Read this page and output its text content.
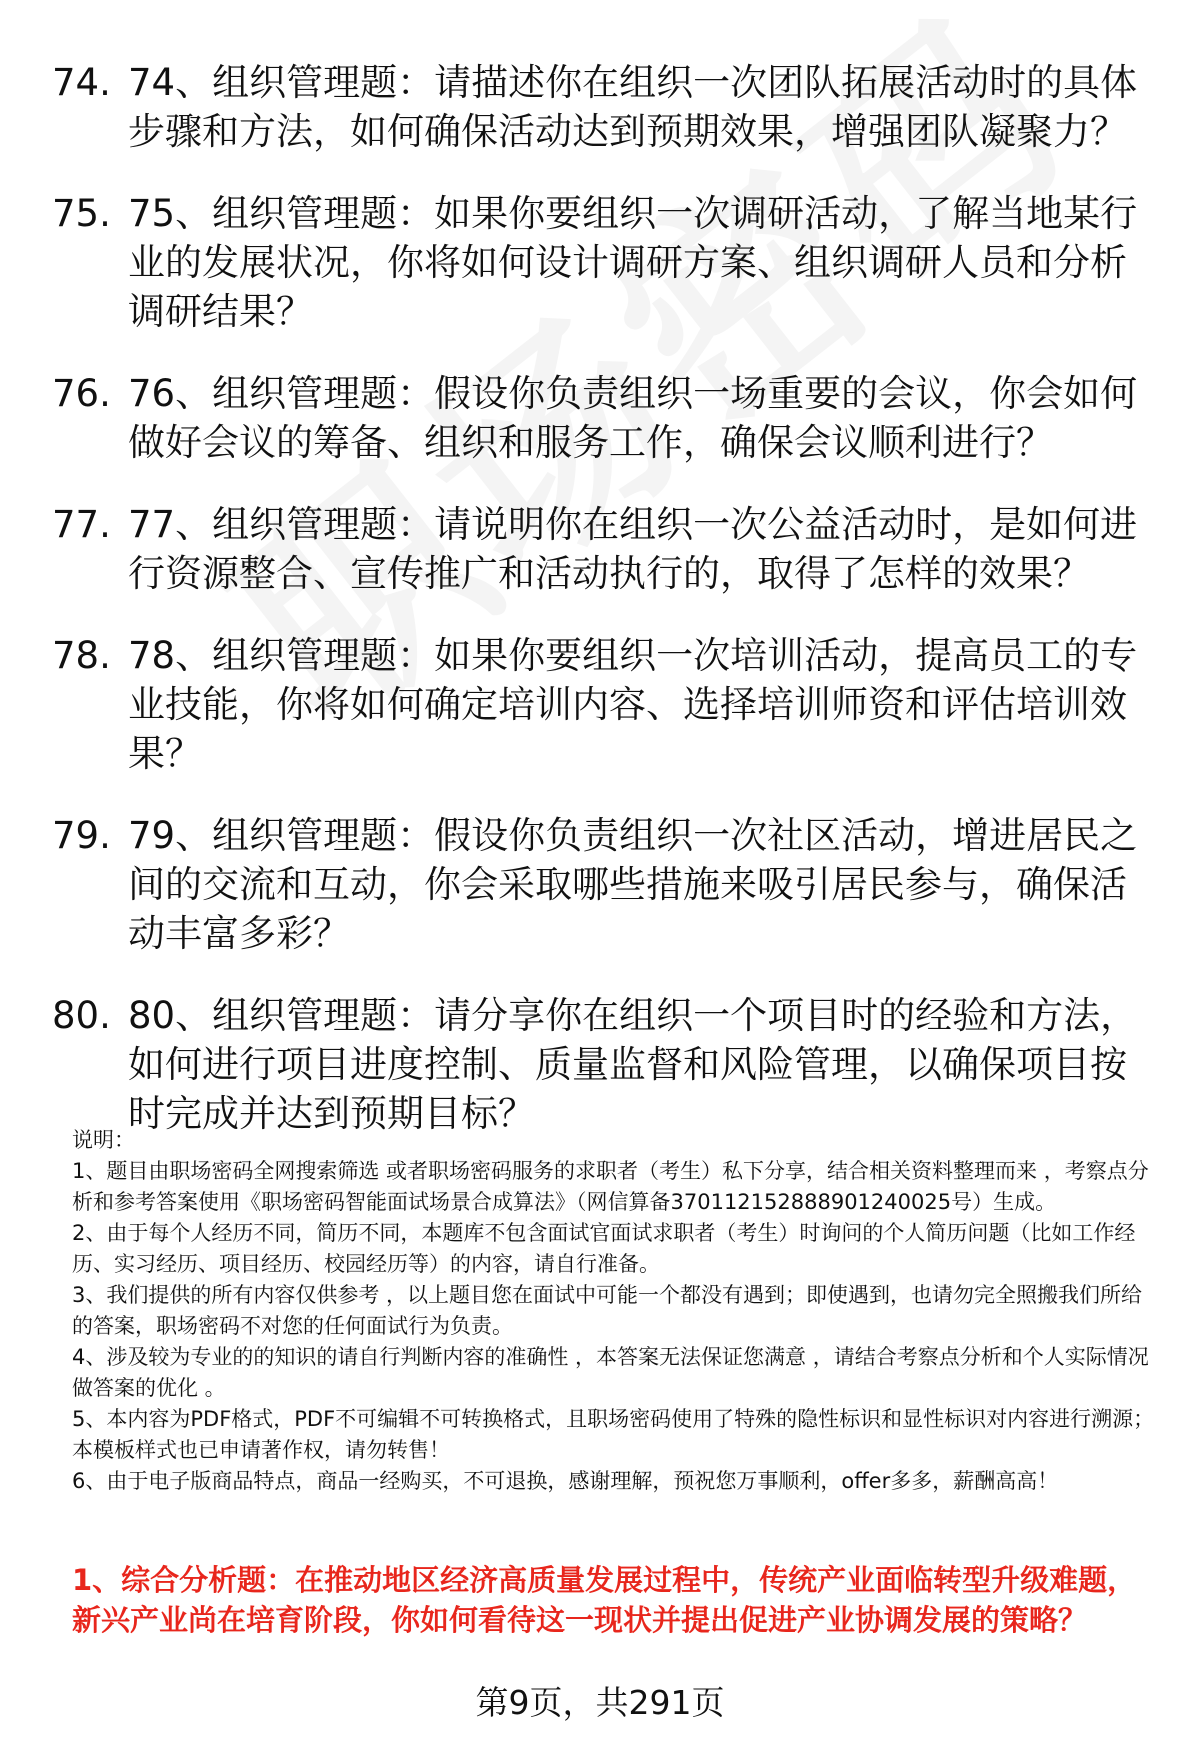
74. 74、组织管理题：请描述你在组织一次团队拓展活动时的具体步骤和方法，如何确保活动达到预期效果，增强团队凝聚力？
75. 75、组织管理题：如果你要组织一次调研活动，了解当地某行业的发展状况，你将如何设计调研方案、组织调研人员和分析调研结果？
76. 76、组织管理题：假设你负责组织一场重要的会议，你会如何做好会议的筹备、组织和服务工作，确保会议顺利进行？
77. 77、组织管理题：请说明你在组织一次公益活动时，是如何进行资源整合、宣传推广和活动执行的，取得了怎样的效果？
78. 78、组织管理题：如果你要组织一次培训活动，提高员工的专业技能，你将如何确定培训内容、选择培训师资和评估培训效果？
79. 79、组织管理题：假设你负责组织一次社区活动，增进居民之间的交流和互动，你会采取哪些措施来吸引居民参与，确保活动丰富多彩？
80. 80、组织管理题：请分享你在组织一个项目时的经验和方法，如何进行项目进度控制、质量监督和风险管理，以确保项目按时完成并达到预期目标？

说明：

1、题目由职场密码全网搜索筛选 或者职场密码服务的求职者（考生）私下分享，结合相关资料整理而来 ，考察点分析和参考答案使用《职场密码智能面试场景合成算法》（网信算备370112152888901240025号）生成。

2、由于每个人经历不同，简历不同，本题库不包含面试官面试求职者（考生）时询问的个人简历问题（比如工作经历、实习经历、项目经历、校园经历等）的内容，请自行准备。

3、我们提供的所有内容仅供参考 ，以上题目您在面试中可能一个都没有遇到；即使遇到，也请勿完全照搬我们所给的答案，职场密码不对您的任何面试行为负责。

4、涉及较为专业的的知识的请自行判断内容的准确性 ，本答案无法保证您满意 ，请结合考察点分析和个人实际情况做答案的优化 。

5、本内容为PDF格式，PDF不可编辑不可转换格式，且职场密码使用了特殊的隐性标识和显性标识对内容进行溯源；本模板样式也已申请著作权，请勿转售！

6、由于电子版商品特点，商品一经购买，不可退换，感谢理解，预祝您万事顺利，offer多多，薪酬高高！

1、综合分析题：在推动地区经济高质量发展过程中，传统产业面临转型升级难题，新兴产业尚在培育阶段，你如何看待这一现状并提出促进产业协调发展的策略？
第9页，共291页
